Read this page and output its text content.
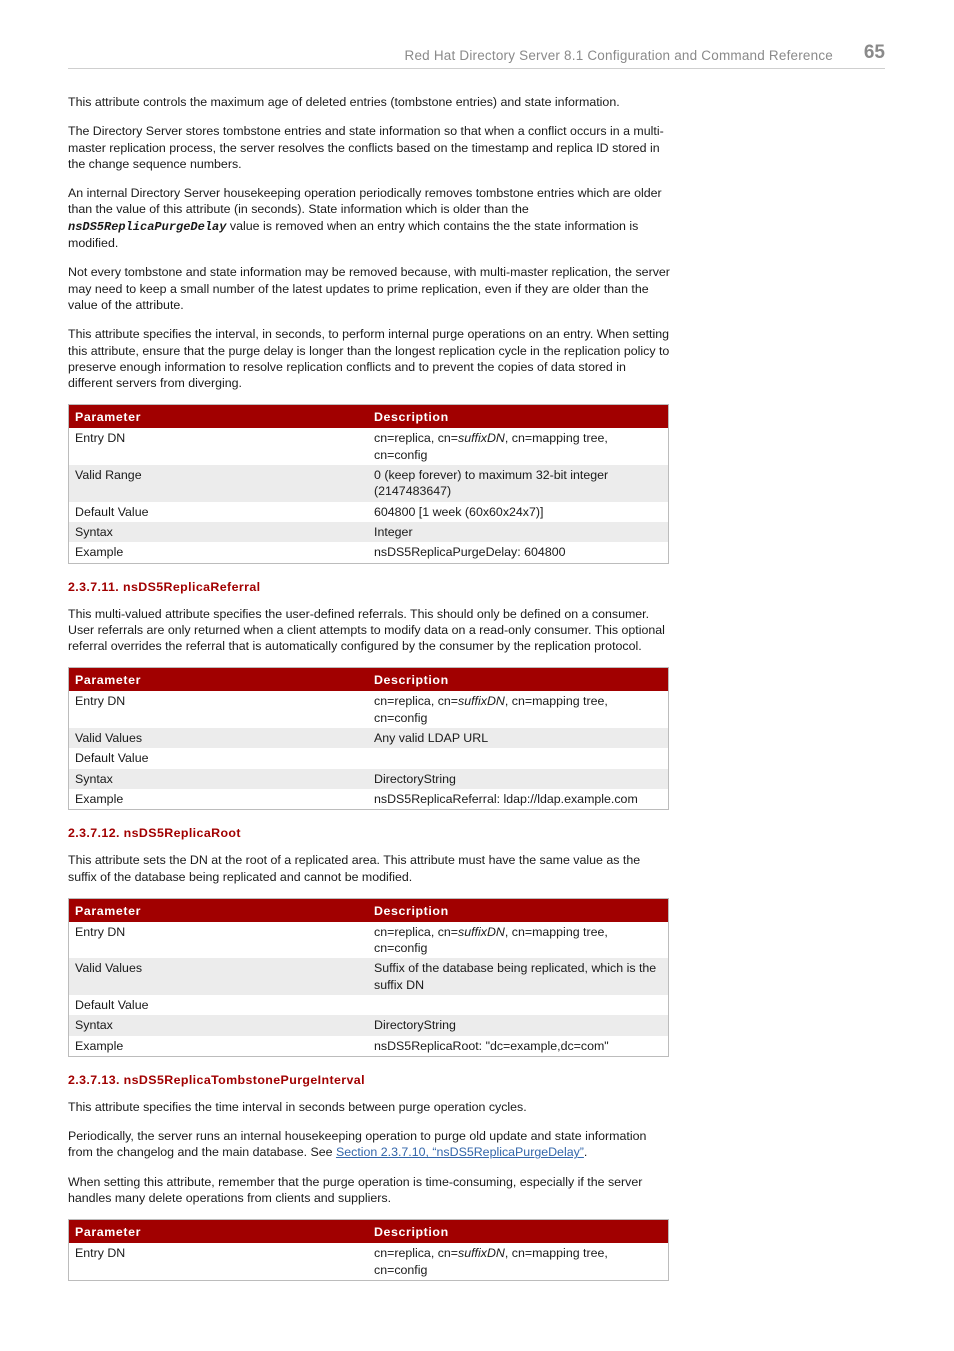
Red Hat Directory Server 8.1 Configuration and Command Reference 65

This attribute controls the maximum age of deleted entries (tombstone entries) and state information.

The Directory Server stores tombstone entries and state information so that when a conflict occurs in a multi-master replication process, the server resolves the conflicts based on the timestamp and replica ID stored in the change sequence numbers.

An internal Directory Server housekeeping operation periodically removes tombstone entries which are older than the value of this attribute (in seconds). State information which is older than the nsDS5ReplicaPurgeDelay value is removed when an entry which contains the the state information is modified.

Not every tombstone and state information may be removed because, with multi-master replication, the server may need to keep a small number of the latest updates to prime replication, even if they are older than the value of the attribute.

This attribute specifies the interval, in seconds, to perform internal purge operations on an entry. When setting this attribute, ensure that the purge delay is longer than the longest replication cycle in the replication policy to preserve enough information to resolve replication conflicts and to prevent the copies of data stored in different servers from diverging.

Parameter	Description
Entry DN	cn=replica, cn=suffixDN, cn=mapping tree, cn=config
Valid Range	0 (keep forever) to maximum 32-bit integer (2147483647)
Default Value	604800 [1 week (60x60x24x7)]
Syntax	Integer
Example	nsDS5ReplicaPurgeDelay: 604800
2.3.7.11. nsDS5ReplicaReferral

This multi-valued attribute specifies the user-defined referrals. This should only be defined on a consumer. User referrals are only returned when a client attempts to modify data on a read-only consumer. This optional referral overrides the referral that is automatically configured by the consumer by the replication protocol.

Parameter	Description
Entry DN	cn=replica, cn=suffixDN, cn=mapping tree, cn=config
Valid Values	Any valid LDAP URL
Default Value	
Syntax	DirectoryString
Example	nsDS5ReplicaReferral: ldap://ldap.example.com
2.3.7.12. nsDS5ReplicaRoot

This attribute sets the DN at the root of a replicated area. This attribute must have the same value as the suffix of the database being replicated and cannot be modified.

Parameter	Description
Entry DN	cn=replica, cn=suffixDN, cn=mapping tree, cn=config
Valid Values	Suffix of the database being replicated, which is the suffix DN
Default Value	
Syntax	DirectoryString
Example	nsDS5ReplicaRoot: "dc=example,dc=com"
2.3.7.13. nsDS5ReplicaTombstonePurgeInterval

This attribute specifies the time interval in seconds between purge operation cycles.

Periodically, the server runs an internal housekeeping operation to purge old update and state information from the changelog and the main database. See Section 2.3.7.10, “nsDS5ReplicaPurgeDelay”.

When setting this attribute, remember that the purge operation is time-consuming, especially if the server handles many delete operations from clients and suppliers.

Parameter	Description
Entry DN	cn=replica, cn=suffixDN, cn=mapping tree, cn=config
